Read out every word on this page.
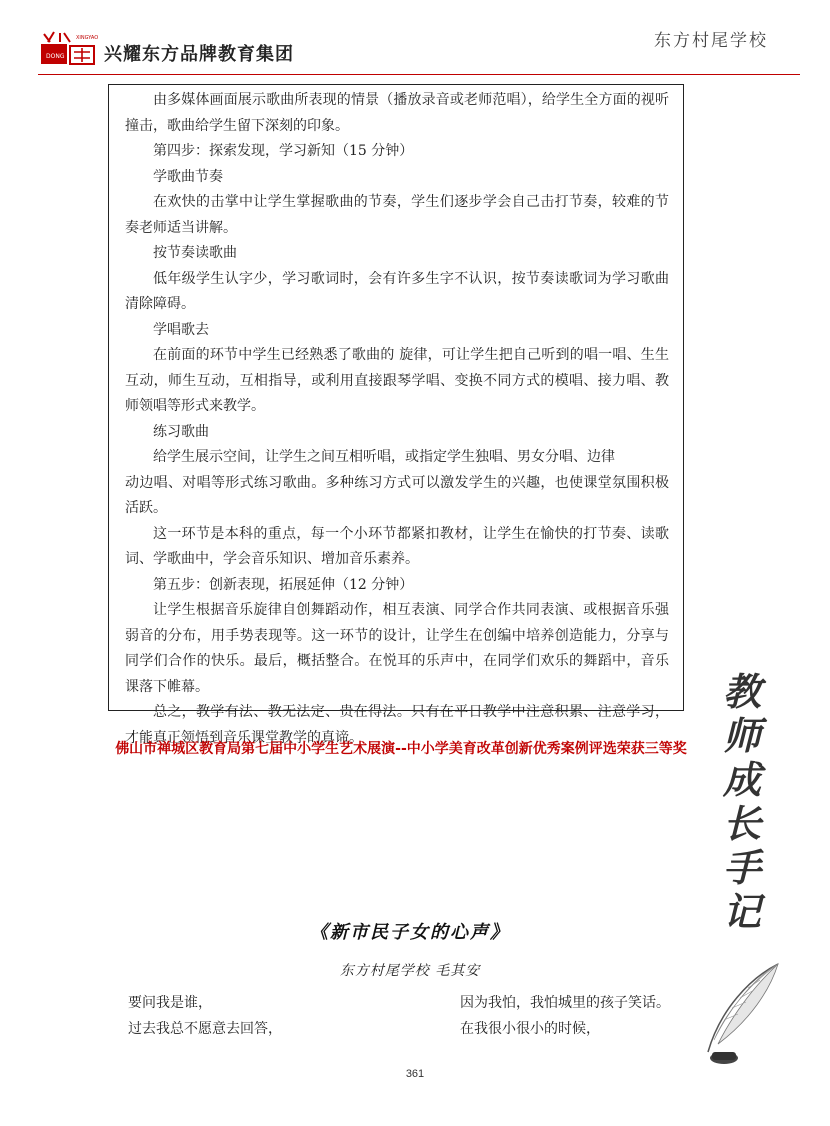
DONG
XINGYAO
兴耀东方品牌教育集团
东方村尾学校

由多媒体画面展示歌曲所表现的情景（播放录音或老师范唱），给学生全方面的视听撞击，歌曲给学生留下深刻的印象。

第四步：探索发现，学习新知（15 分钟）

学歌曲节奏

在欢快的击掌中让学生掌握歌曲的节奏，学生们逐步学会自己击打节奏，较难的节奏老师适当讲解。

按节奏读歌曲

低年级学生认字少，学习歌词时，会有许多生字不认识，按节奏读歌词为学习歌曲清除障碍。

学唱歌去

在前面的环节中学生已经熟悉了歌曲的 旋律，可让学生把自己听到的唱一唱、生生互动，师生互动，互相指导，或利用直接跟琴学唱、变换不同方式的模唱、接力唱、教师领唱等形式来教学。

练习歌曲

给学生展示空间，让学生之间互相听唱，或指定学生独唱、男女分唱、边律

动边唱、对唱等形式练习歌曲。多种练习方式可以激发学生的兴趣，也使课堂氛围积极活跃。

这一环节是本科的重点，每一个小环节都紧扣教材，让学生在愉快的打节奏、读歌词、学歌曲中，学会音乐知识、增加音乐素养。

第五步：创新表现，拓展延伸（12 分钟）

让学生根据音乐旋律自创舞蹈动作，相互表演、同学合作共同表演、或根据音乐强弱音的分布，用手势表现等。这一环节的设计，让学生在创编中培养创造能力，分享与同学们合作的快乐。最后，概括整合。在悦耳的乐声中，在同学们欢乐的舞蹈中，音乐课落下帷幕。

总之，教学有法、教无法定、贵在得法。只有在平日教学中注意积累、注意学习，才能真正领悟到音乐课堂教学的真谛。

佛山市禅城区教育局第七届中小学生艺术展演--中小学美育改革创新优秀案例评选荣获三等奖
教
师
成
长
手
记
《新市民子女的心声》
东方村尾学校 毛其安
要问我是谁，
过去我总不愿意去回答，
因为我怕，我怕城里的孩子笑话。
在我很小很小的时候，
361
